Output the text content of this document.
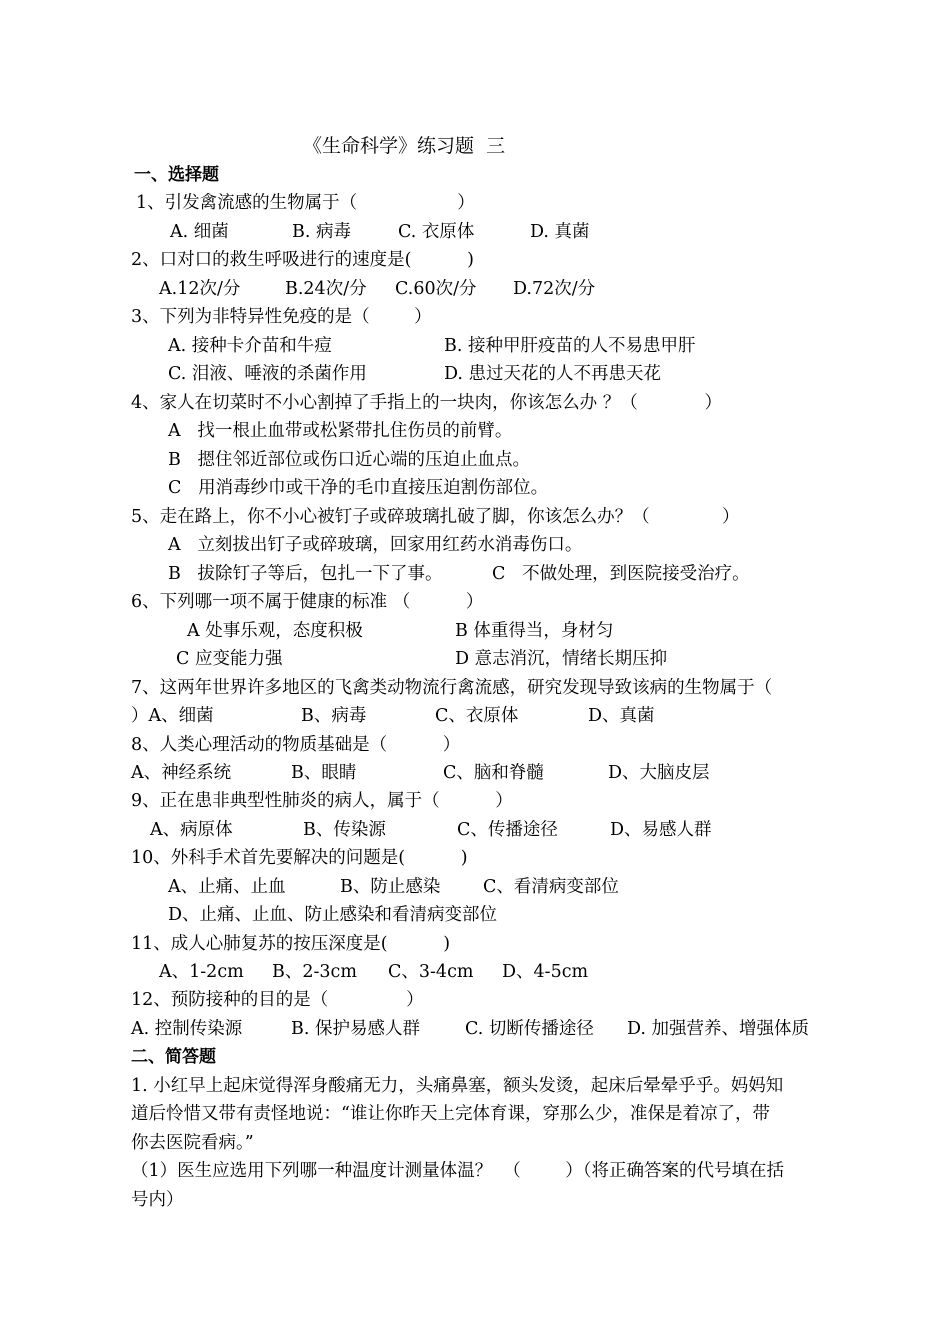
《生命科学》练习题  三
一、选择题
1、引发禽流感的生物属于（                  ）
A. 细菌	B. 病毒	C. 衣原体	D. 真菌
2、口对口的救生呼吸进行的速度是(          )
A.12次/分	B.24次/分 C.60次/分 D.72次/分
3、下列为非特异性免疫的是（        ）
A. 接种卡介苗和牛痘	B. 接种甲肝疫苗的人不易患甲肝
C. 泪液、唾液的杀菌作用	D. 患过天花的人不再患天花
4、家人在切菜时不小心割掉了手指上的一块肉，你该怎么办 ？（            ）
A   找一根止血带或松紧带扎住伤员的前臂。
B   摁住邻近部位或伤口近心端的压迫止血点。
C   用消毒纱巾或干净的毛巾直接压迫割伤部位。
5、走在路上，你不小心被钉子或碎玻璃扎破了脚，你该怎么办？（             ）
A   立刻拔出钉子或碎玻璃，回家用红药水消毒伤口。
B   拔除钉子等后，包扎一下了事。	C   不做处理，到医院接受治疗。
6、下列哪一项不属于健康的标准 （          ）
A 处事乐观，态度积极	B 体重得当，身材匀
C 应变能力强	D 意志消沉，情绪长期压抑
7、这两年世界许多地区的飞禽类动物流行禽流感，研究发现导致该病的生物属于（
）A、细菌	B、病毒	C、衣原体	D、真菌
8、人类心理活动的物质基础是（          ）
A、神经系统	B、眼睛	C、脑和脊髓	D、大脑皮层
9、正在患非典型性肺炎的病人，属于（          ）
A、病原体	B、传染源	C、传播途径	D、易感人群
10、外科手术首先要解决的问题是(          )
A、止痛、止血	B、防止感染 C、看清病变部位
D、止痛、止血、防止感染和看清病变部位
11、成人心肺复苏的按压深度是(          )
A、1-2cm B、2-3cm C、3-4cm D、4-5cm
12、预防接种的目的是（              ）
A. 控制传染源	B. 保护易感人群	C. 切断传播途径 D. 加强营养、增强体质
二、简答题
1. 小红早上起床觉得浑身酸痛无力，头痛鼻塞，额头发烫，起床后晕晕乎乎。妈妈知
道后怜惜又带有责怪地说：“谁让你昨天上完体育课，穿那么少，准保是着凉了，带
你去医院看病。”
（1）医生应选用下列哪一种温度计测量体温？  （        ）（将正确答案的代号填在括
号内）
